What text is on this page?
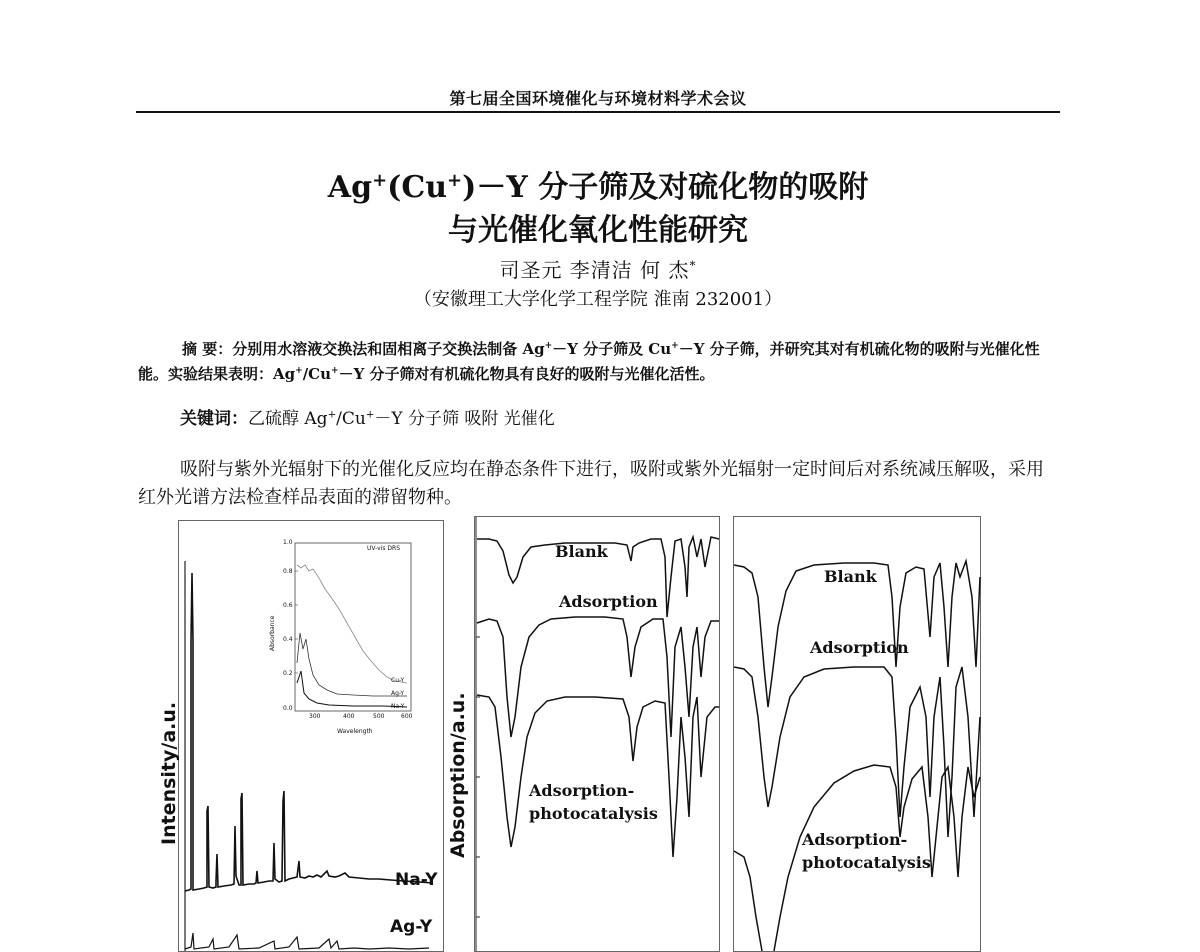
第七届全国环境催化与环境材料学术会议
Ag+(Cu+)－Y 分子筛及对硫化物的吸附
与光催化氧化性能研究
司圣元 李清洁 何 杰*
（安徽理工大学化学工程学院 淮南 232001）
摘 要：分别用水溶液交换法和固相离子交换法制备 Ag+－Y 分子筛及 Cu+－Y 分子筛，并研究其对有机硫化物的吸附与光催化性能。实验结果表明：Ag+/Cu+－Y 分子筛对有机硫化物具有良好的吸附与光催化活性。
关键词：乙硫醇 Ag+/Cu+－Y 分子筛 吸附 光催化
吸附与紫外光辐射下的光催化反应均在静态条件下进行，吸附或紫外光辐射一定时间后对系统减压解吸，采用红外光谱方法检查样品表面的滞留物种。
Intensity/a.u.
Na-Y
Ag-Y
UV-vis DRS
1.0
0.8
0.6
0.4
0.2
0.0
Absorbance
300	400	500	600
Cu-Y
Ag-Y
Na-Y
Wavelength
Blank
Adsorption
Adsorption-
photocatalysis
Absorption/a.u.
Blank
Adsorption
Adsorption-
photocatalysis
